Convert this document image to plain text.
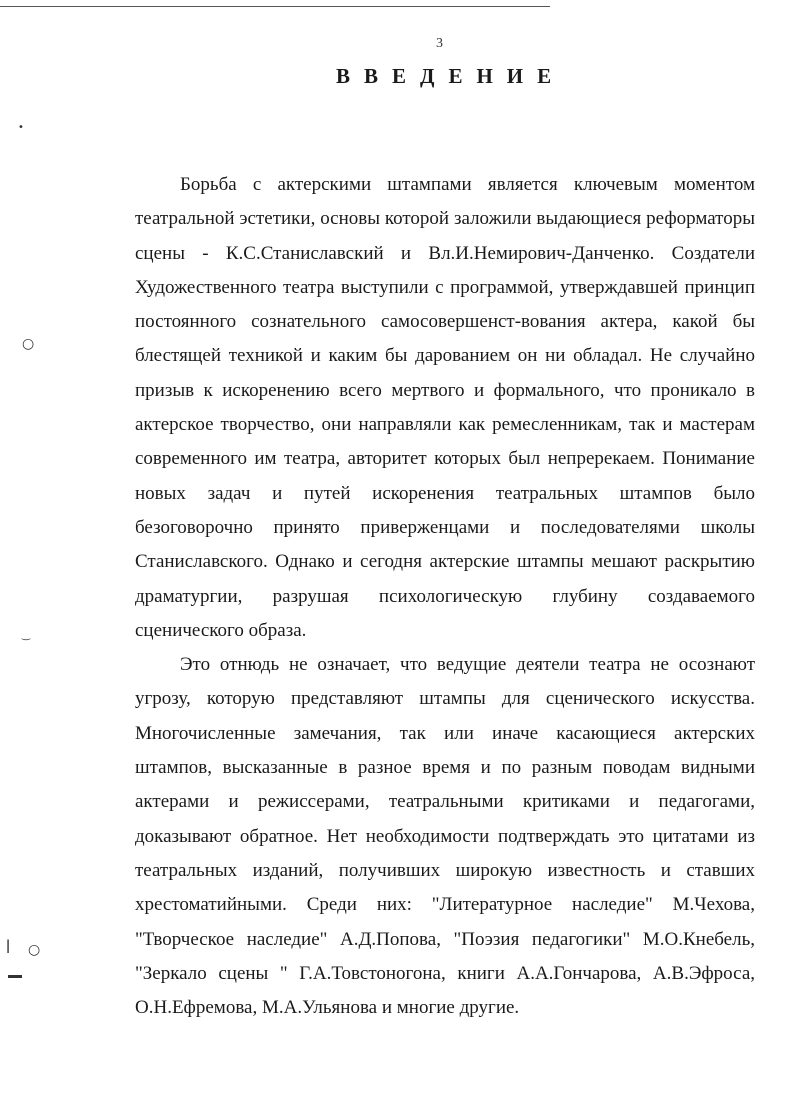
•
○
‿
ǀ ○
3
ВВЕДЕНИЕ

Борьба с актерскими штампами является ключевым моментом театральной эстетики, основы которой заложили выдающиеся реформаторы сцены - К.С.Станиславский и Вл.И.Немирович-Данченко. Создатели Художественного театра выступили с программой, утверждавшей принцип постоянного сознательного самосовершенст-вования актера, какой бы блестящей техникой и каким бы дарованием он ни обладал. Не случайно призыв к искоренению всего мертвого и формального, что проникало в актерское творчество, они направляли как ремесленникам, так и мастерам современного им театра, авторитет которых был непререкаем. Понимание новых задач и путей искоренения театральных штампов было безоговорочно принято приверженцами и последователями школы Станиславского. Однако и сегодня актерские штампы мешают раскрытию драматургии, разрушая психологическую глубину создаваемого сценического образа.

Это отнюдь не означает, что ведущие деятели театра не осознают угрозу, которую представляют штампы для сценического искусства. Многочисленные замечания, так или иначе касающиеся актерских штампов, высказанные в разное время и по разным поводам видными актерами и режиссерами, театральными критиками и педагогами, доказывают обратное. Нет необходимости подтверждать это цитатами из театральных изданий, получивших широкую известность и ставших хрестоматийными. Среди них: "Литературное наследие" М.Чехова, "Творческое наследие" А.Д.Попова, "Поэзия педагогики" М.О.Кнебель, "Зеркало сцены " Г.А.Товстоногона, книги А.А.Гончарова, А.В.Эфроса, О.Н.Ефремова, М.А.Ульянова и многие другие.
